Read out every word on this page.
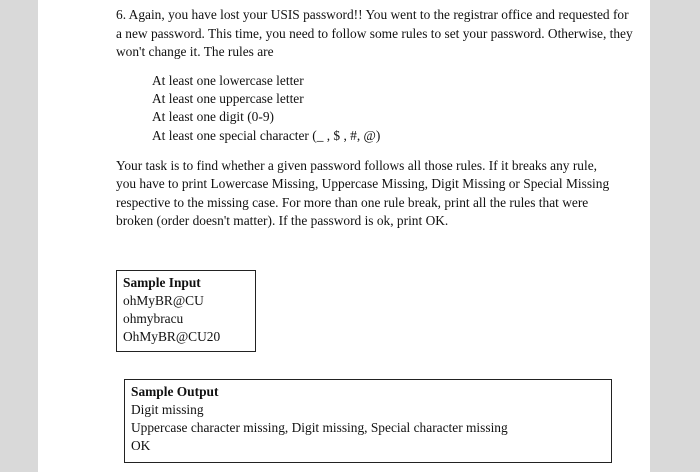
6. Again, you have lost your USIS password!! You went to the registrar office and requested for a new password. This time, you need to follow some rules to set your password. Otherwise, they won't change it. The rules are

At least one lowercase letter
At least one uppercase letter
At least one digit (0-9)
At least one special character (_ , $ , #, @)

Your task is to find whether a given password follows all those rules. If it breaks any rule, you have to print Lowercase Missing, Uppercase Missing, Digit Missing or Special Missing respective to the missing case. For more than one rule break, print all the rules that were broken (order doesn't matter). If the password is ok, print OK.

Sample Input
ohMyBR@CU
ohmybracu
OhMyBR@CU20
Sample Output
Digit missing
Uppercase character missing, Digit missing, Special character missing
OK
